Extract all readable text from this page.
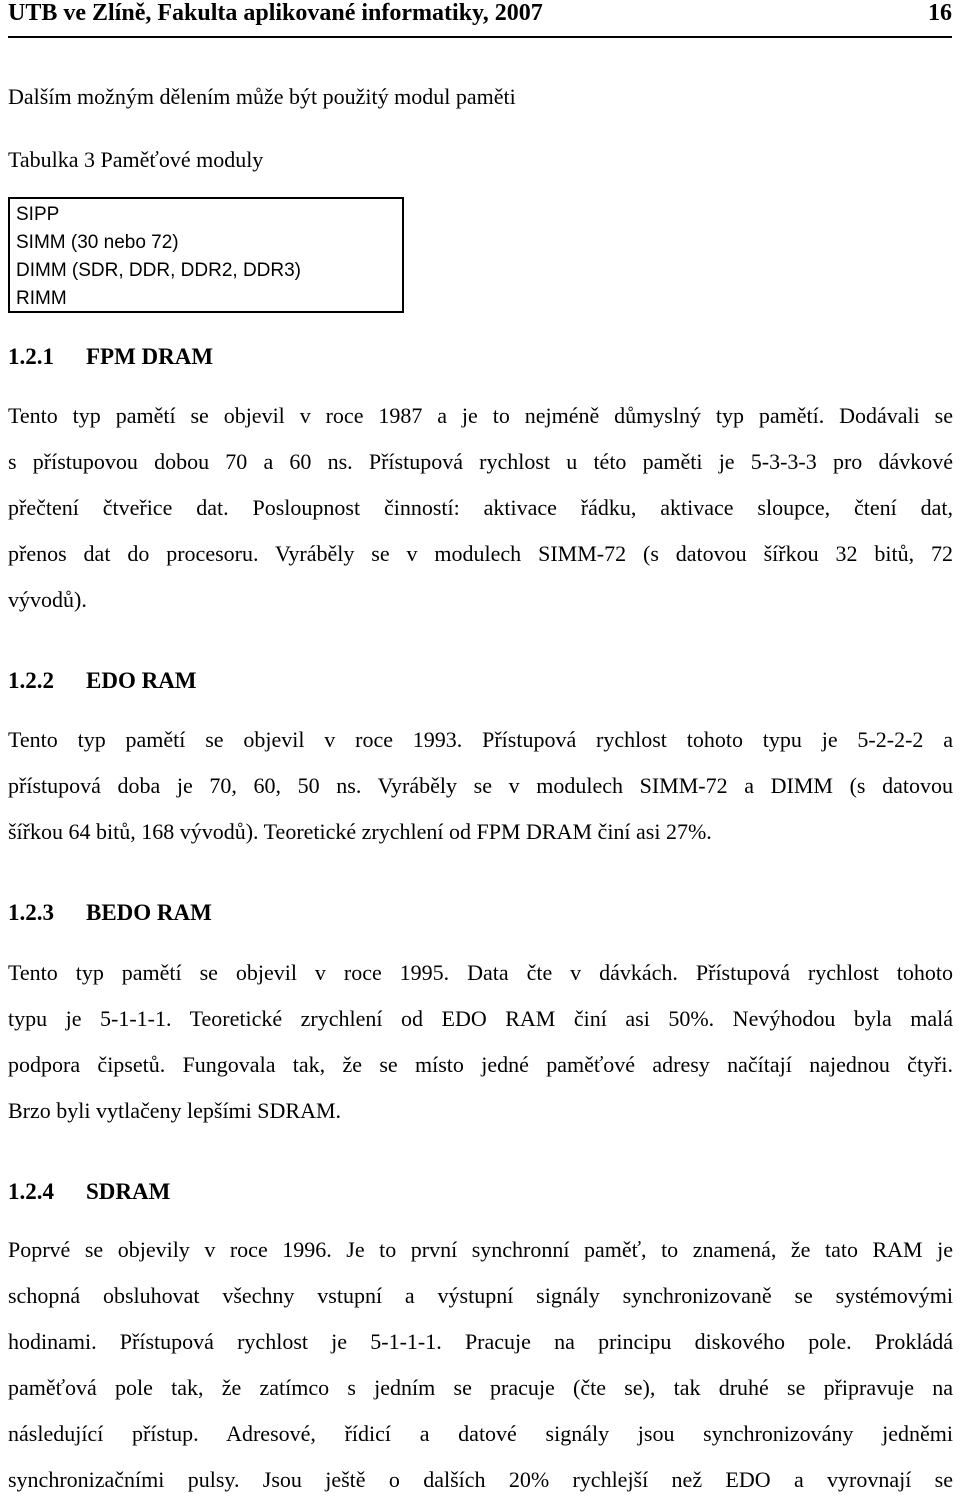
UTB ve Zlíně, Fakulta aplikované informatiky, 2007	16
Dalším možným dělením může být použitý modul paměti
Tabulka 3 Paměťové moduly
SIPP
SIMM (30 nebo 72)
DIMM (SDR, DDR, DDR2, DDR3)
RIMM
1.2.1 FPM DRAM
Tento typ pamětí se objevil v roce 1987 a je to nejméně důmyslný typ pamětí. Dodávali se
s přístupovou dobou 70 a 60 ns. Přístupová rychlost u této paměti je 5-3-3-3 pro dávkové
přečtení čtveřice dat. Posloupnost činností: aktivace řádku, aktivace sloupce, čtení dat,
přenos dat do procesoru. Vyráběly se v modulech SIMM-72 (s datovou šířkou 32 bitů, 72
vývodů).
1.2.2 EDO RAM
Tento typ pamětí se objevil v roce 1993. Přístupová rychlost tohoto typu je 5-2-2-2 a
přístupová doba je 70, 60, 50 ns. Vyráběly se v modulech SIMM-72 a DIMM (s datovou
šířkou 64 bitů, 168 vývodů). Teoretické zrychlení od FPM DRAM činí asi 27%.
1.2.3 BEDO RAM
Tento typ pamětí se objevil v roce 1995. Data čte v dávkách. Přístupová rychlost tohoto
typu je 5-1-1-1. Teoretické zrychlení od EDO RAM činí asi 50%. Nevýhodou byla malá
podpora čipsetů. Fungovala tak, že se místo jedné paměťové adresy načítají najednou čtyři.
Brzo byli vytlačeny lepšími SDRAM.
1.2.4 SDRAM
Poprvé se objevily v roce 1996. Je to první synchronní paměť, to znamená, že tato RAM je
schopná obsluhovat všechny vstupní a výstupní signály synchronizovaně se systémovými
hodinami. Přístupová rychlost je 5-1-1-1. Pracuje na principu diskového pole. Prokládá
paměťová pole tak, že zatímco s jedním se pracuje (čte se), tak druhé se připravuje na
následující přístup. Adresové, řídicí a datové signály jsou synchronizovány jedněmi
synchronizačními pulsy. Jsou ještě o dalších 20% rychlejší než EDO a vyrovnají se
